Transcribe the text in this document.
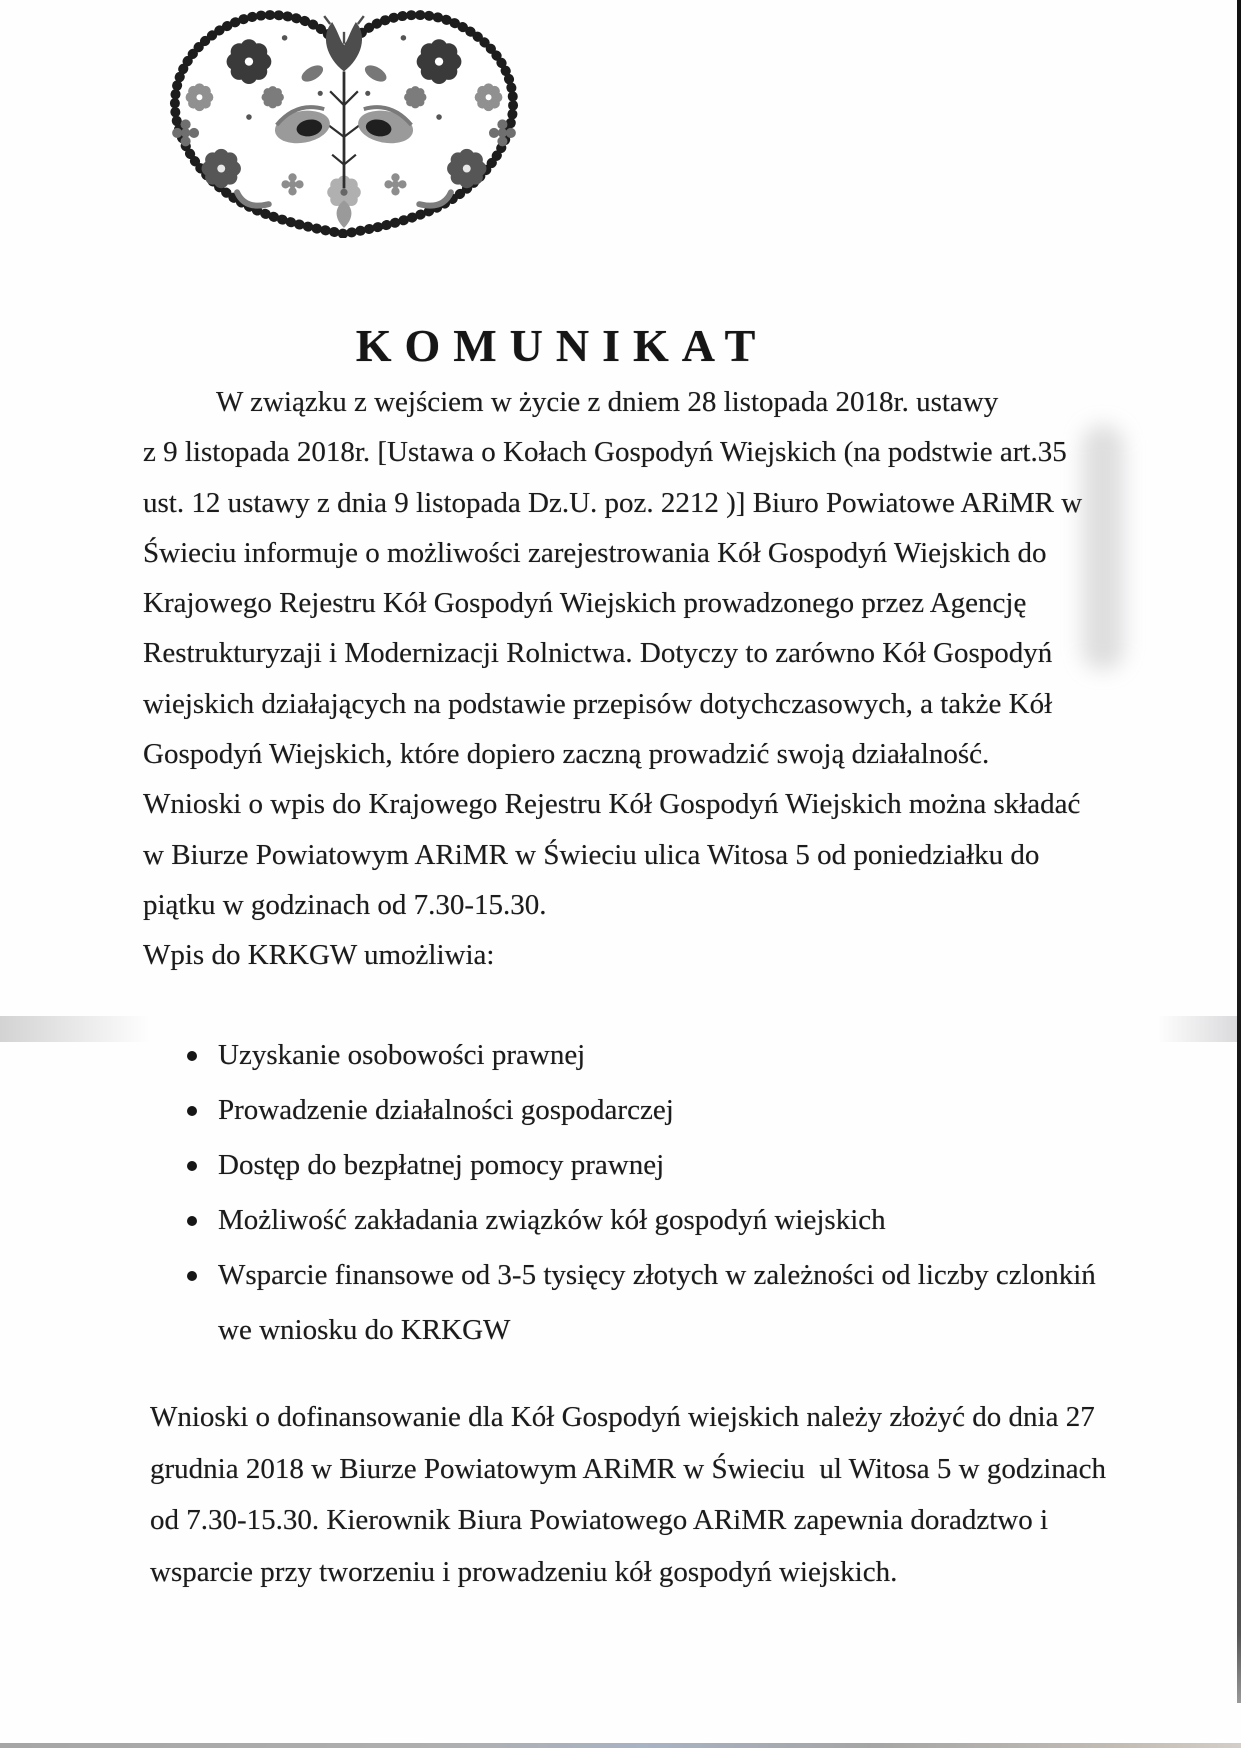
KOMUNIKAT
W związku z wejściem w życie z dniem 28 listopada 2018r. ustawy
z 9 listopada 2018r. [Ustawa o Kołach Gospodyń Wiejskich (na podstwie art.35
ust. 12 ustawy z dnia 9 listopada Dz.U. poz. 2212 )] Biuro Powiatowe ARiMR w
Świeciu informuje o możliwości zarejestrowania Kół Gospodyń Wiejskich do
Krajowego Rejestru Kół Gospodyń Wiejskich prowadzonego przez Agencję
Restrukturyzaji i Modernizacji Rolnictwa. Dotyczy to zarówno Kół Gospodyń
wiejskich działających na podstawie przepisów dotychczasowych, a także Kół
Gospodyń Wiejskich, które dopiero zaczną prowadzić swoją działalność.
Wnioski o wpis do Krajowego Rejestru Kół Gospodyń Wiejskich można składać
w Biurze Powiatowym ARiMR w Świeciu ulica Witosa 5 od poniedziałku do
piątku w godzinach od 7.30-15.30.
Wpis do KRKGW umożliwia:
Uzyskanie osobowości prawnej
Prowadzenie działalności gospodarczej
Dostęp do bezpłatnej pomocy prawnej
Możliwość zakładania związków kół gospodyń wiejskich
Wsparcie finansowe od 3-5 tysięcy złotych w zależności od liczby czlonkiń
we wniosku do KRKGW
Wnioski o dofinansowanie dla Kół Gospodyń wiejskich należy złożyć do dnia 27
grudnia 2018 w Biurze Powiatowym ARiMR w Świeciu  ul Witosa 5 w godzinach
od 7.30-15.30. Kierownik Biura Powiatowego ARiMR zapewnia doradztwo i
wsparcie przy tworzeniu i prowadzeniu kół gospodyń wiejskich.
